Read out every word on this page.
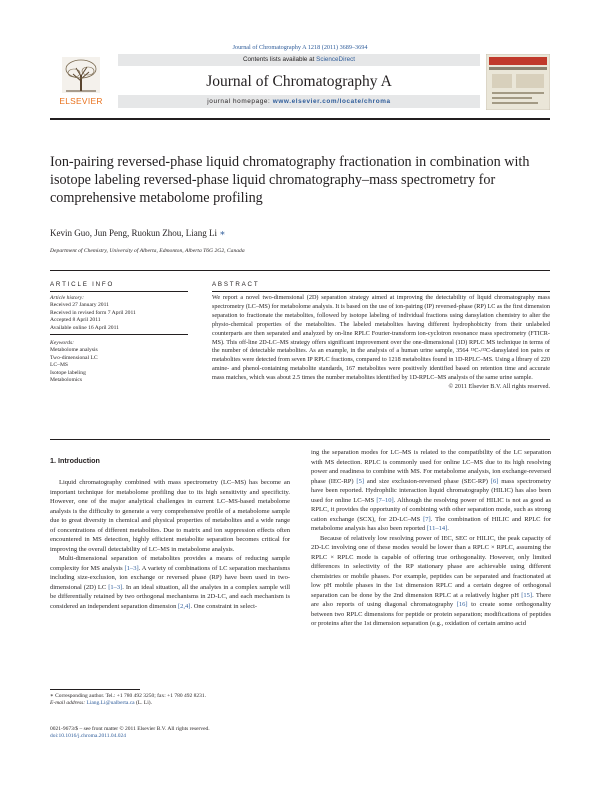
Journal of Chromatography A 1218 (2011) 3689–3694
ELSEVIER
Contents lists available at ScienceDirect
Journal of Chromatography A
journal homepage: www.elsevier.com/locate/chroma
Ion-pairing reversed-phase liquid chromatography fractionation in combination with isotope labeling reversed-phase liquid chromatography–mass spectrometry for comprehensive metabolome profiling
Kevin Guo, Jun Peng, Ruokun Zhou, Liang Li ∗
Department of Chemistry, University of Alberta, Edmonton, Alberta T6G 2G2, Canada
ARTICLE INFO	ABSTRACT
Article history:
Received 27 January 2011
Received in revised form 7 April 2011
Accepted 8 April 2011
Available online 16 April 2011
Keywords:
Metabolome analysis
Two-dimensional LC
LC–MS
Isotope labeling
Metabolomics

We report a novel two-dimensional (2D) separation strategy aimed at improving the detectability of liquid chromatography mass spectrometry (LC–MS) for metabolome analysis. It is based on the use of ion-pairing (IP) reversed-phase (RP) LC as the first dimension separation to fractionate the metabolites, followed by isotope labeling of individual fractions using dansylation chemistry to alter the physio-chemical properties of the metabolites. The labeled metabolites having different hydrophobicity from their unlabeled counterparts are then separated and analyzed by on-line RPLC Fourier-transform ion-cyclotron resonance mass spectrometry (FTICR-MS). This off-line 2D-LC–MS strategy offers significant improvement over the one-dimensional (1D) RPLC MS technique in terms of the number of detectable metabolites. As an example, in the analysis of a human urine sample, 3564 ¹³C-/¹²C-dansylated ion pairs or metabolites were detected from seven IP RPLC fractions, compared to 1218 metabolites found in 1D-RPLC–MS. Using a library of 220 amine- and phenol-containing metabolite standards, 167 metabolites were positively identified based on retention time and accurate mass matches, which was about 2.5 times the number metabolites identified by 1D-RPLC–MS analysis of the same urine sample.

© 2011 Elsevier B.V. All rights reserved.

1. Introduction

Liquid chromatography combined with mass spectrometry (LC–MS) has become an important technique for metabolome profiling due to its high sensitivity and specificity. However, one of the major analytical challenges in current LC–MS-based metabolome analysis is the difficulty to generate a very comprehensive profile of a metabolome sample due to great diversity in chemical and physical properties of metabolites and a wide range of concentrations of different metabolites. Due to matrix and ion suppression effects often encountered in MS detection, highly efficient metabolite separation becomes critical for improving the overall detectability of LC–MS in metabolome analysis.

Multi-dimensional separation of metabolites provides a means of reducing sample complexity for MS analysis [1–3]. A variety of combinations of LC separation mechanisms including size-exclusion, ion exchange or reversed phase (RP) have been used in two-dimensional (2D) LC [1–3]. In an ideal situation, all the analytes in a complex sample will be differentially retained by two orthogonal mechanisms in 2D-LC, and each mechanism is considered an independent separation dimension [2,4]. One constraint in select-

ing the separation modes for LC–MS is related to the compatibility of the LC separation with MS detection. RPLC is commonly used for online LC–MS due to its high resolving power and readiness to combine with MS. For metabolome analysis, ion exchange-reversed phase (IEC-RP) [5] and size exclusion-reversed phase (SEC-RP) [6] mass spectrometry have been reported. Hydrophilic interaction liquid chromatography (HILIC) has also been used for online LC–MS [7–10]. Although the resolving power of HILIC is not as good as RPLC, it provides the opportunity of combining with other separation mode, such as strong cation exchange (SCX), for 2D-LC–MS [7]. The combination of HILIC and RPLC for metabolome analysis has also been reported [11–14].

Because of relatively low resolving power of IEC, SEC or HILIC, the peak capacity of 2D-LC involving one of these modes would be lower than a RPLC × RPLC, assuming the RPLC × RPLC mode is capable of offering true orthogonality. However, only limited differences in selectivity of the RP stationary phase are achievable using different chemistries or mobile phases. For example, peptides can be separated and fractionated at low pH mobile phases in the 1st dimension RPLC and a certain degree of orthogonal separation can be done by the 2nd dimension RPLC at a relatively higher pH [15]. There are also reports of using diagonal chromatography [16] to create some orthogonality between two RPLC dimensions for peptide or protein separation; modifications of peptides or proteins after the 1st dimension separation (e.g., oxidation of certain amino acid

∗ Corresponding author. Tel.: +1 780 492 3250; fax: +1 780 492 8231.
E-mail address: Liang.Li@ualberta.ca (L. Li).
0021-9673/$ – see front matter © 2011 Elsevier B.V. All rights reserved.
doi:10.1016/j.chroma.2011.04.024
